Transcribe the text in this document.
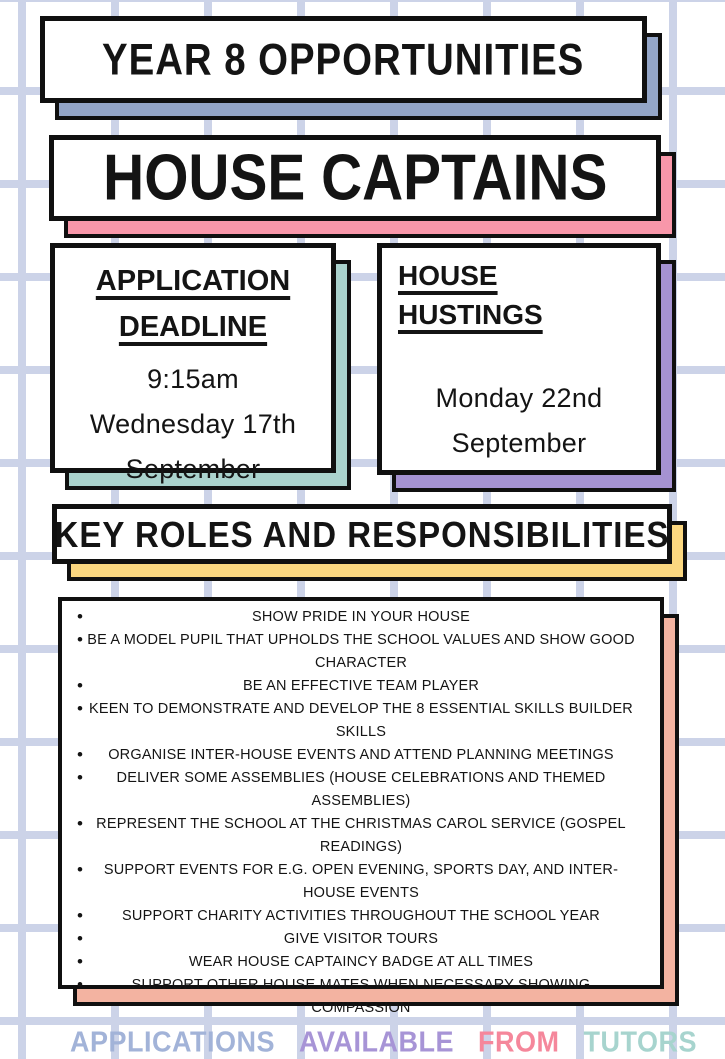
YEAR 8 OPPORTUNITIES
HOUSE CAPTAINS
APPLICATION DEADLINE
9:15am
Wednesday 17th
September
HOUSE HUSTINGS
Monday 22nd
September
KEY ROLES AND RESPONSIBILITIES
•	SHOW PRIDE IN YOUR HOUSE
• BE A MODEL PUPIL THAT UPHOLDS THE SCHOOL VALUES AND SHOW GOOD CHARACTER
•	BE AN EFFECTIVE TEAM PLAYER
• KEEN TO DEMONSTRATE AND DEVELOP THE 8 ESSENTIAL SKILLS BUILDER SKILLS
• ORGANISE INTER-HOUSE EVENTS AND ATTEND PLANNING MEETINGS
• DELIVER SOME ASSEMBLIES (HOUSE CELEBRATIONS AND THEMED ASSEMBLIES)
• REPRESENT THE SCHOOL AT THE CHRISTMAS CAROL SERVICE (GOSPEL READINGS)
• SUPPORT EVENTS FOR E.G. OPEN EVENING, SPORTS DAY, AND INTER-HOUSE EVENTS
•	SUPPORT CHARITY ACTIVITIES THROUGHOUT THE SCHOOL YEAR
•	GIVE VISITOR TOURS
•	WEAR HOUSE CAPTAINCY BADGE AT ALL TIMES
•	SUPPORT OTHER HOUSE MATES WHEN NECESSARY SHOWING COMPASSION
APPLICATIONS AVAILABLE FROM TUTORS
